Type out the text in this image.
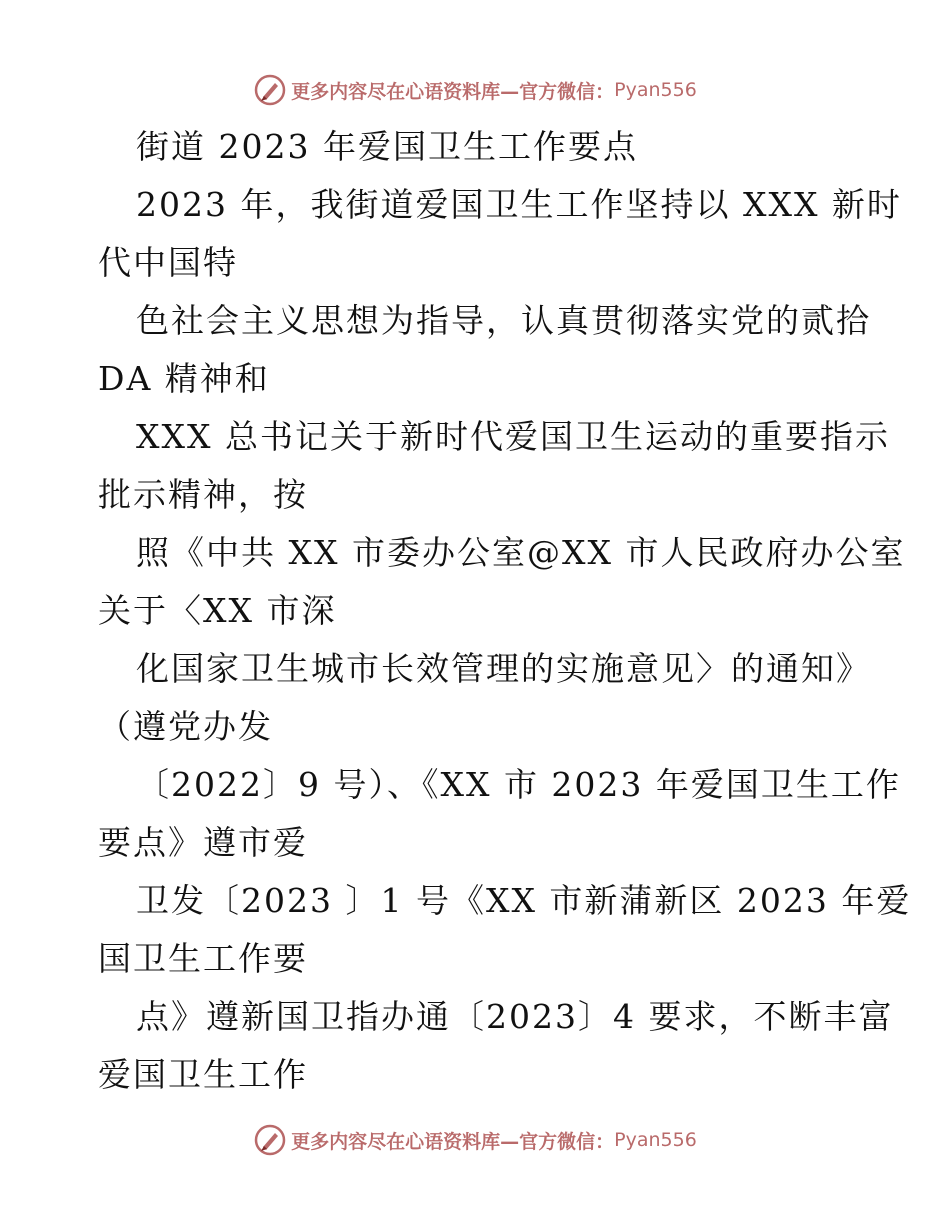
更多内容尽在心语资料库—官方微信： Pyan556
街道 2023 年爱国卫生工作要点
2023 年，我街道爱国卫生工作坚持以 XXX 新时
代中国特
色社会主义思想为指导，认真贯彻落实党的贰拾
DA 精神和
XXX 总书记关于新时代爱国卫生运动的重要指示
批示精神，按
照《中共 XX 市委办公室@XX 市人民政府办公室
关于〈XX 市深
化国家卫生城市长效管理的实施意见〉的通知》
（遵党办发
〔2022〕9 号）、《XX 市 2023 年爱国卫生工作
要点》遵市爱
卫发〔2023 〕1 号《XX 市新蒲新区 2023 年爱
国卫生工作要
点》遵新国卫指办通〔2023〕4 要求，不断丰富
爱国卫生工作
更多内容尽在心语资料库—官方微信： Pyan556
